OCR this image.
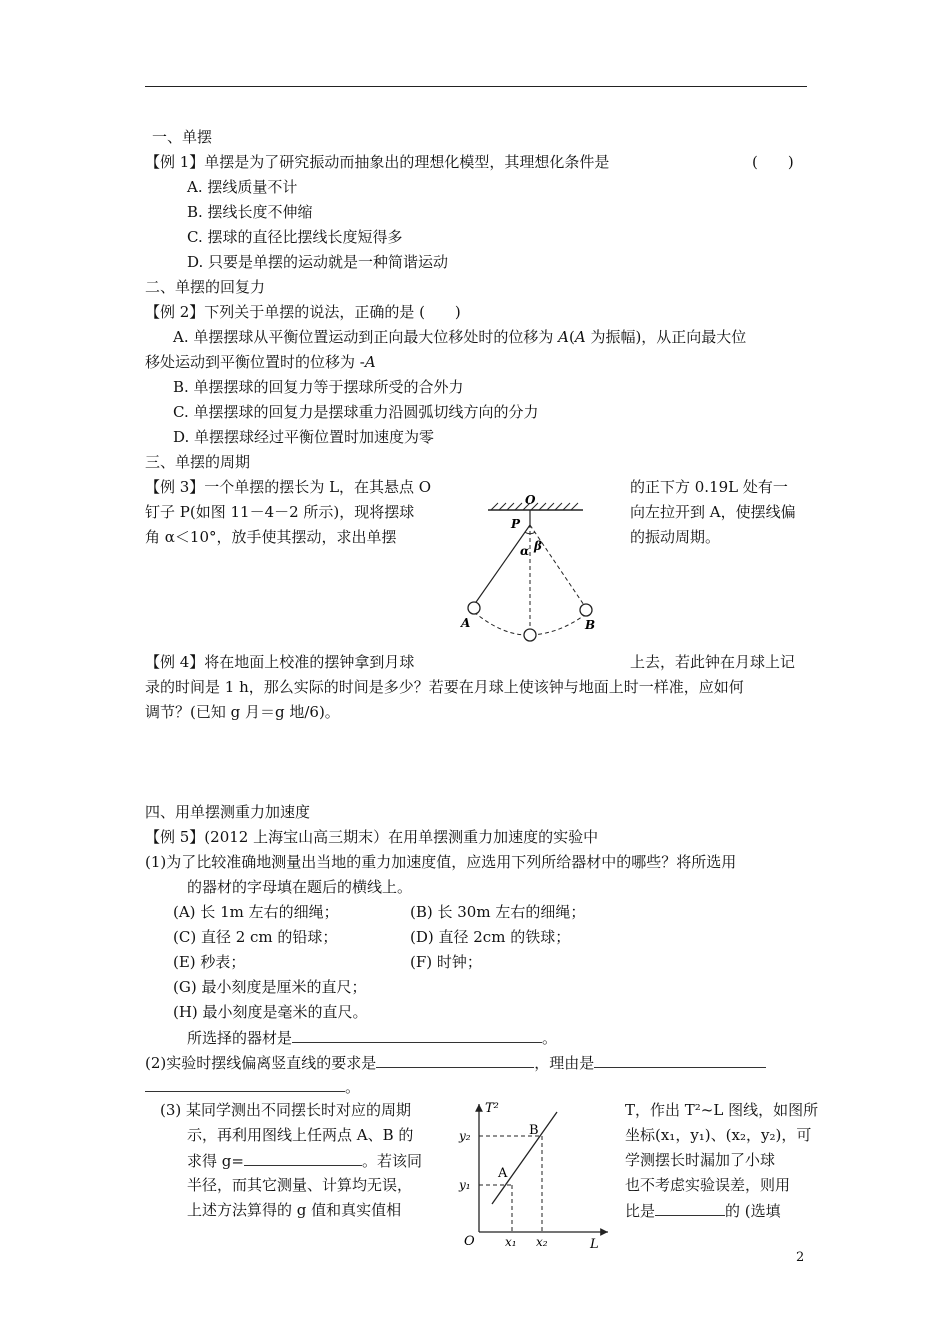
一、单摆
【例 1】单摆是为了研究振动而抽象出的理想化模型，其理想化条件是	(　　)
A. 摆线质量不计
B. 摆线长度不伸缩
C. 摆球的直径比摆线长度短得多
D. 只要是单摆的运动就是一种简谐运动
二、单摆的回复力
【例 2】下列关于单摆的说法，正确的是 (　　)
A. 单摆摆球从平衡位置运动到正向最大位移处时的位移为 A(A 为振幅)，从正向最大位
移处运动到平衡位置时的位移为 -A
B. 单摆摆球的回复力等于摆球所受的合外力
C. 单摆摆球的回复力是摆球重力沿圆弧切线方向的分力
D. 单摆摆球经过平衡位置时加速度为零
三、单摆的周期
【例 3】一个单摆的摆长为 L，在其悬点 O	的正下方 0.19L 处有一
钉子 P(如图 11－4－2 所示)，现将摆球	向左拉开到 A，使摆线偏
角 α＜10°，放手使其摆动，求出单摆	的振动周期。
O
P
α β
A	B
【例 4】将在地面上校准的摆钟拿到月球	上去，若此钟在月球上记
录的时间是 1 h，那么实际的时间是多少？若要在月球上使该钟与地面上时一样准，应如何
调节？(已知 g 月＝g 地/6)。
四、用单摆测重力加速度
【例 5】(2012 上海宝山高三期末）在用单摆测重力加速度的实验中
(1)为了比较准确地测量出当地的重力加速度值，应选用下列所给器材中的哪些？将所选用
的器材的字母填在题后的横线上。
(A) 长 1m 左右的细绳；	(B) 长 30m 左右的细绳；
(C) 直径 2 cm 的铅球；	(D) 直径 2cm 的铁球；
(E) 秒表；	(F) 时钟；
(G) 最小刻度是厘米的直尺；
(H) 最小刻度是毫米的直尺。
所选择的器材是	。
(2)实验时摆线偏离竖直线的要求是	，理由是
。
(3) 某同学测出不同摆长时对应的周期	T，作出 T²~L 图线，如图所
示，再利用图线上任两点 A、B 的	坐标(x₁，y₁)、(x₂，y₂)，可
求得 g=	。若该同	学测摆长时漏加了小球
半径，而其它测量、计算均无误，	也不考虑实验误差，则用
上述方法算得的 g 值和真实值相	比是	的 (选填
T²
L
O
A
B
y₁
y₂
x₁ x₂
2
